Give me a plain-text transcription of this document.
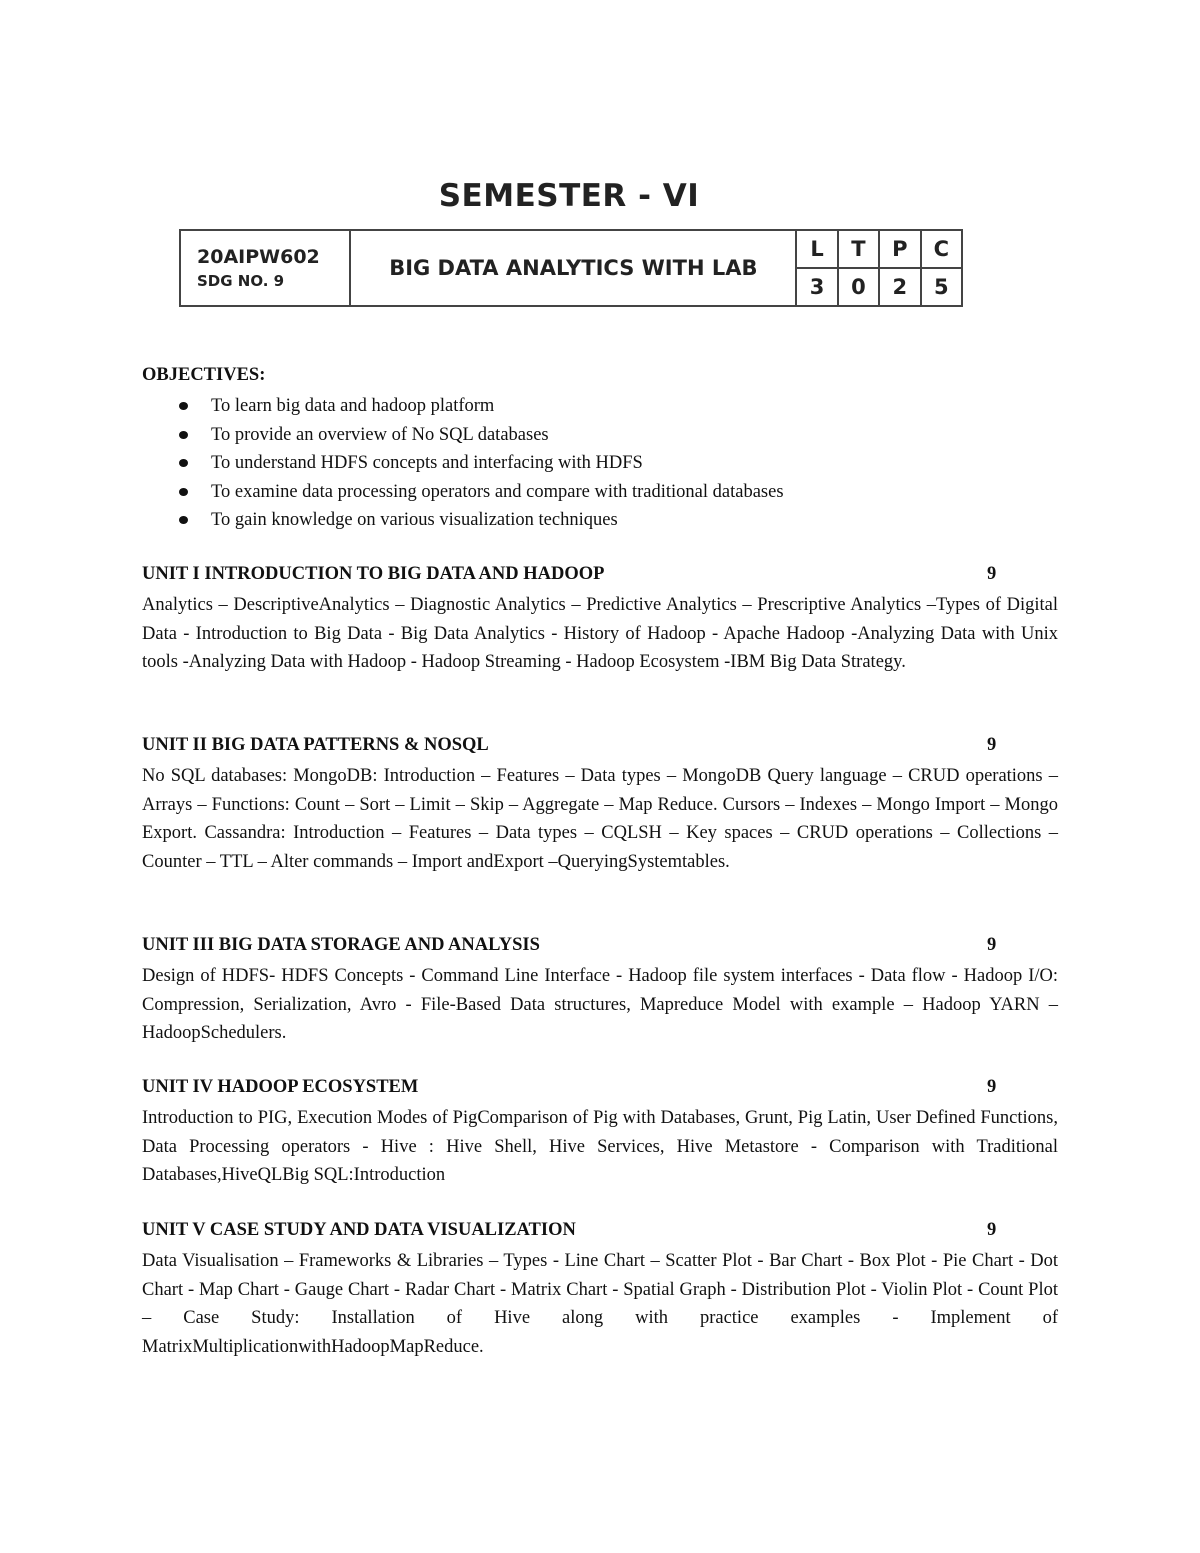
SEMESTER - VI
20AIPW602
SDG NO. 9	BIG DATA ANALYTICS WITH LAB	L	T	P	C
		3	0	2	5
OBJECTIVES:
To learn big data and hadoop platform
To provide an overview of No SQL databases
To understand HDFS concepts and interfacing with HDFS
To examine data processing operators and compare with traditional databases
To gain knowledge on various visualization techniques
UNIT I INTRODUCTION TO BIG DATA AND HADOOP	9
Analytics – DescriptiveAnalytics – Diagnostic Analytics – Predictive Analytics – Prescriptive Analytics –Types of Digital Data - Introduction to Big Data - Big Data Analytics - History of Hadoop - Apache Hadoop -Analyzing Data with Unix tools -Analyzing Data with Hadoop - Hadoop Streaming - Hadoop Ecosystem -IBM Big Data Strategy.
UNIT II BIG DATA PATTERNS & NOSQL	9
No SQL databases: MongoDB: Introduction – Features – Data types – MongoDB Query language – CRUD operations – Arrays – Functions: Count – Sort – Limit – Skip – Aggregate – Map Reduce. Cursors – Indexes – Mongo Import – Mongo Export. Cassandra: Introduction – Features – Data types – CQLSH – Key spaces – CRUD operations – Collections – Counter – TTL – Alter commands – Import andExport –QueryingSystemtables.
UNIT III BIG DATA STORAGE AND ANALYSIS	9
Design of HDFS- HDFS Concepts - Command Line Interface - Hadoop file system interfaces - Data flow - Hadoop I/O: Compression, Serialization, Avro - File-Based Data structures, Mapreduce Model with example – Hadoop YARN – HadoopSchedulers.
UNIT IV HADOOP ECOSYSTEM	9
Introduction to PIG, Execution Modes of PigComparison of Pig with Databases, Grunt, Pig Latin, User Defined Functions, Data Processing operators - Hive : Hive Shell, Hive Services, Hive Metastore - Comparison with Traditional Databases,HiveQLBig SQL:Introduction
UNIT V CASE STUDY AND DATA VISUALIZATION	9
Data Visualisation – Frameworks & Libraries – Types - Line Chart – Scatter Plot - Bar Chart - Box Plot - Pie Chart - Dot Chart - Map Chart - Gauge Chart - Radar Chart - Matrix Chart - Spatial Graph - Distribution Plot - Violin Plot - Count Plot – Case Study: Installation of Hive along with practice examples - Implement of MatrixMultiplicationwithHadoopMapReduce.
